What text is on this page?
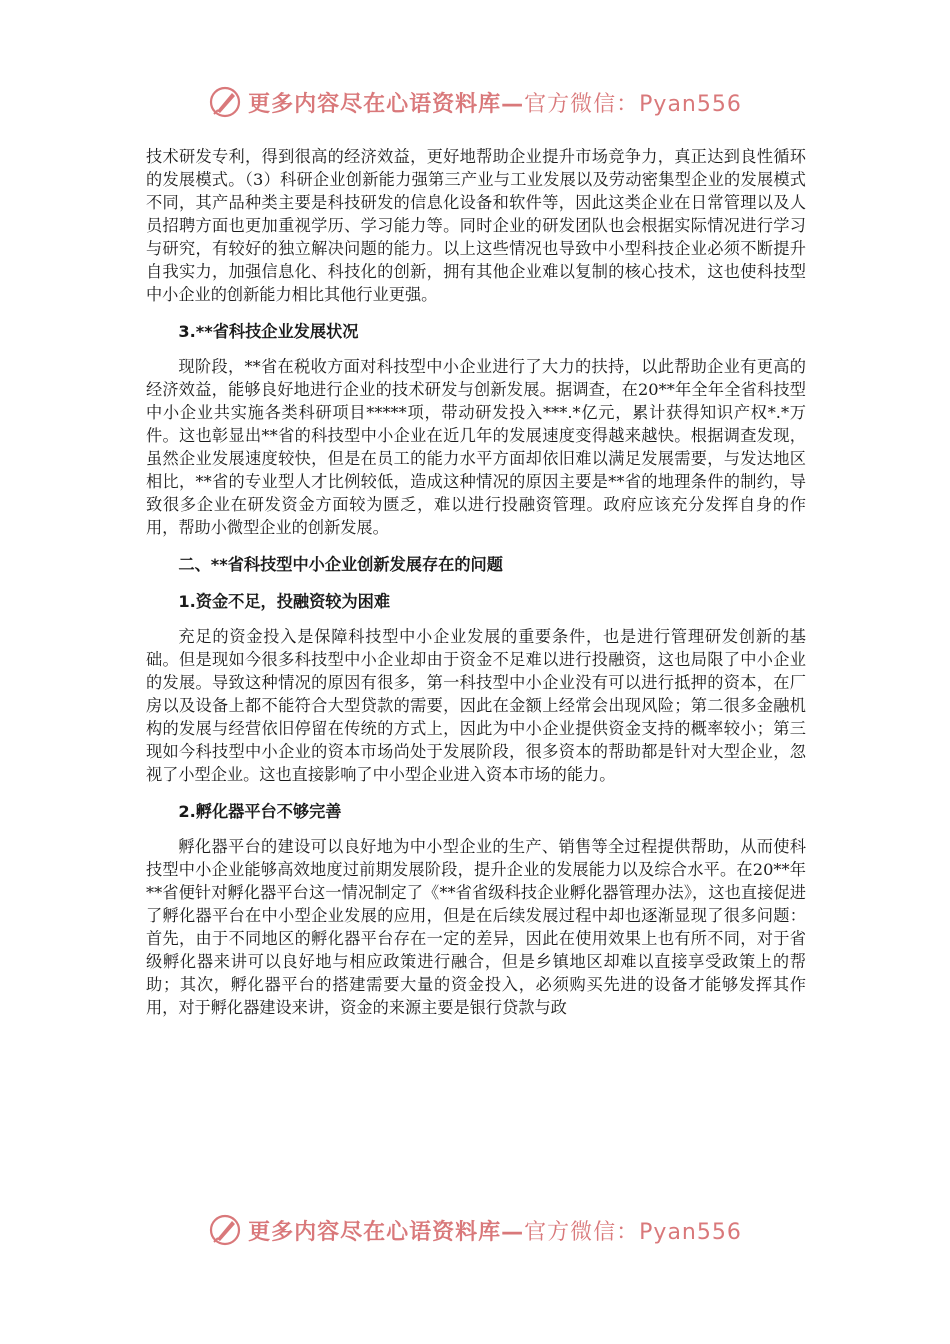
更多内容尽在心语资料库—官方微信：Pyan556

技术研发专利，得到很高的经济效益，更好地帮助企业提升市场竞争力，真正达到良性循环的发展模式。（3）科研企业创新能力强第三产业与工业发展以及劳动密集型企业的发展模式不同，其产品种类主要是科技研发的信息化设备和软件等，因此这类企业在日常管理以及人员招聘方面也更加重视学历、学习能力等。同时企业的研发团队也会根据实际情况进行学习与研究，有较好的独立解决问题的能力。以上这些情况也导致中小型科技企业必须不断提升自我实力，加强信息化、科技化的创新，拥有其他企业难以复制的核心技术，这也使科技型中小企业的创新能力相比其他行业更强。

3.**省科技企业发展状况

现阶段，**省在税收方面对科技型中小企业进行了大力的扶持，以此帮助企业有更高的经济效益，能够良好地进行企业的技术研发与创新发展。据调查，在20**年全年全省科技型中小企业共实施各类科研项目*****项，带动研发投入***.*亿元，累计获得知识产权*.*万件。这也彰显出**省的科技型中小企业在近几年的发展速度变得越来越快。根据调查发现，虽然企业发展速度较快，但是在员工的能力水平方面却依旧难以满足发展需要，与发达地区相比，**省的专业型人才比例较低，造成这种情况的原因主要是**省的地理条件的制约，导致很多企业在研发资金方面较为匮乏，难以进行投融资管理。政府应该充分发挥自身的作用，帮助小微型企业的创新发展。

二、**省科技型中小企业创新发展存在的问题
1.资金不足，投融资较为困难

充足的资金投入是保障科技型中小企业发展的重要条件，也是进行管理研发创新的基础。但是现如今很多科技型中小企业却由于资金不足难以进行投融资，这也局限了中小企业的发展。导致这种情况的原因有很多，第一科技型中小企业没有可以进行抵押的资本，在厂房以及设备上都不能符合大型贷款的需要，因此在金额上经常会出现风险；第二很多金融机构的发展与经营依旧停留在传统的方式上，因此为中小企业提供资金支持的概率较小；第三现如今科技型中小企业的资本市场尚处于发展阶段，很多资本的帮助都是针对大型企业，忽视了小型企业。这也直接影响了中小型企业进入资本市场的能力。

2.孵化器平台不够完善

孵化器平台的建设可以良好地为中小型企业的生产、销售等全过程提供帮助，从而使科技型中小企业能够高效地度过前期发展阶段，提升企业的发展能力以及综合水平。在20**年**省便针对孵化器平台这一情况制定了《**省省级科技企业孵化器管理办法》，这也直接促进了孵化器平台在中小型企业发展的应用，但是在后续发展过程中却也逐渐显现了很多问题：首先，由于不同地区的孵化器平台存在一定的差异，因此在使用效果上也有所不同，对于省级孵化器来讲可以良好地与相应政策进行融合，但是乡镇地区却难以直接享受政策上的帮助；其次，孵化器平台的搭建需要大量的资金投入，必须购买先进的设备才能够发挥其作用，对于孵化器建设来讲，资金的来源主要是银行贷款与政

更多内容尽在心语资料库—官方微信：Pyan556
